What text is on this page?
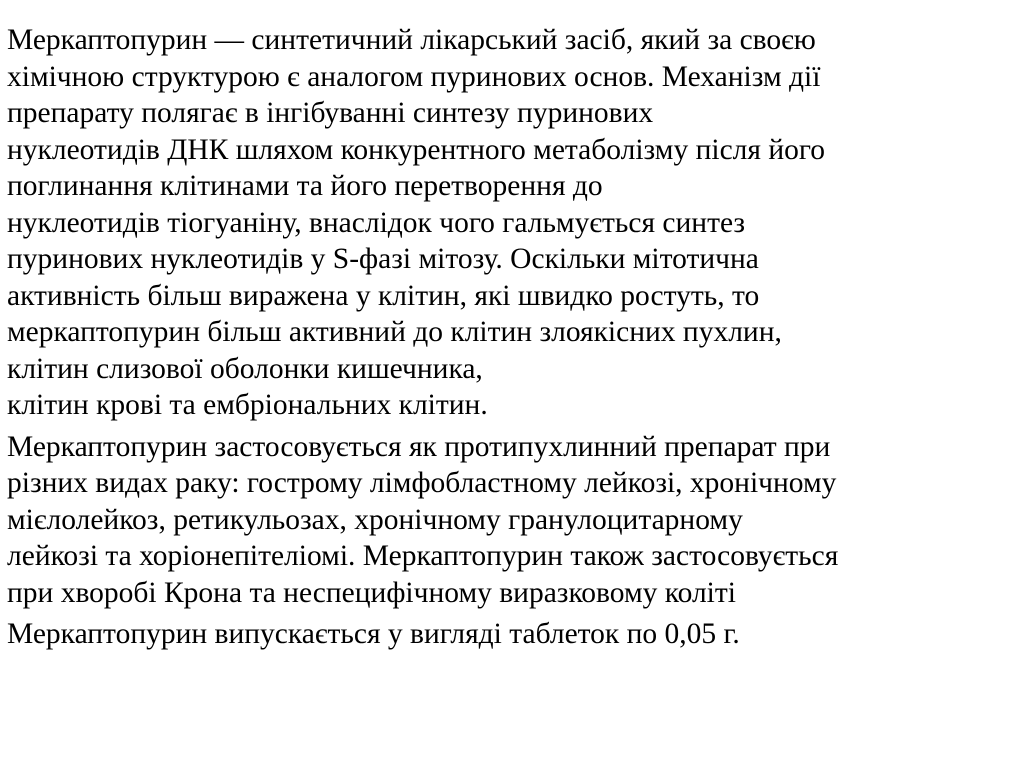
Меркаптопурин — синтетичний лікарський засіб, який за своєю
хімічною структурою є аналогом пуринових основ. Механізм дії
препарату полягає в інгібуванні синтезу пуринових
нуклеотидів ДНК шляхом конкурентного метаболізму після його
поглинання клітинами та його перетворення до
нуклеотидів тіогуаніну, внаслідок чого гальмується синтез
пуринових нуклеотидів у S-фазі мітозу. Оскільки мітотична
активність більш виражена у клітин, які швидко ростуть, то
меркаптопурин більш активний до клітин злоякісних пухлин,
клітин слизової оболонки кишечника,
клітин крові та ембріональних клітин.

Меркаптопурин застосовується як протипухлинний препарат при
різних видах раку: гострому лімфобластному лейкозі, хронічному
мієлолейкоз, ретикульозах, хронічному гранулоцитарному
лейкозі та хоріонепітеліомі. Меркаптопурин також застосовується
при хворобі Крона та неспецифічному виразковому коліті

Меркаптопурин випускається у вигляді таблеток по 0,05 г.
